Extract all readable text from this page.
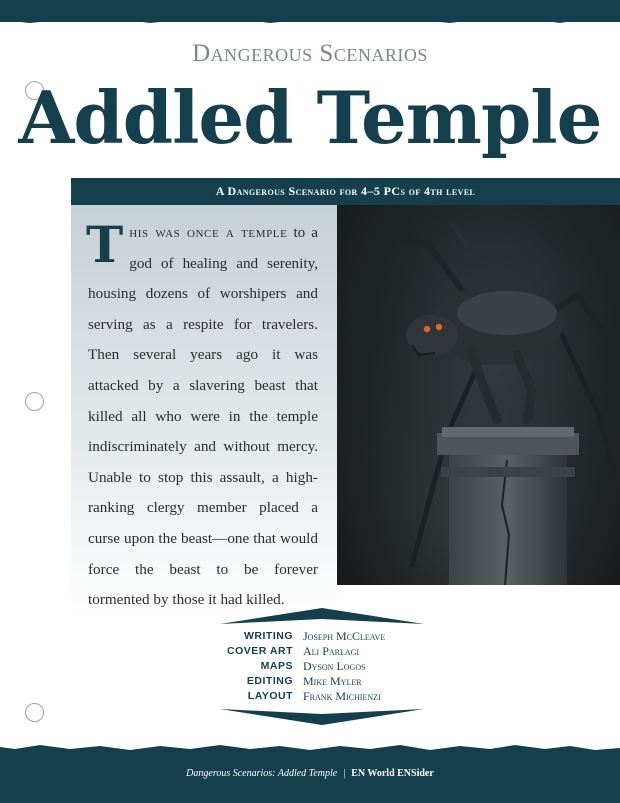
Dangerous Scenarios
Addled Temple
A Dangerous Scenario for 4–5 PCs of 4th level
This was once a temple to a god of healing and serenity, housing dozens of worshipers and serving as a respite for travelers. Then several years ago it was attacked by a slavering beast that killed all who were in the temple indiscriminately and without mercy. Unable to stop this assault, a high-ranking clergy member placed a curse upon the beast—one that would force the beast to be forever tormented by those it had killed.
WRITING Joseph McCleave
COVER ART Ali Parlagi
MAPS Dyson Logos
EDITING Mike Myler
LAYOUT Frank Michienzi
Dangerous Scenarios: Addled Temple | EN World ENSider
